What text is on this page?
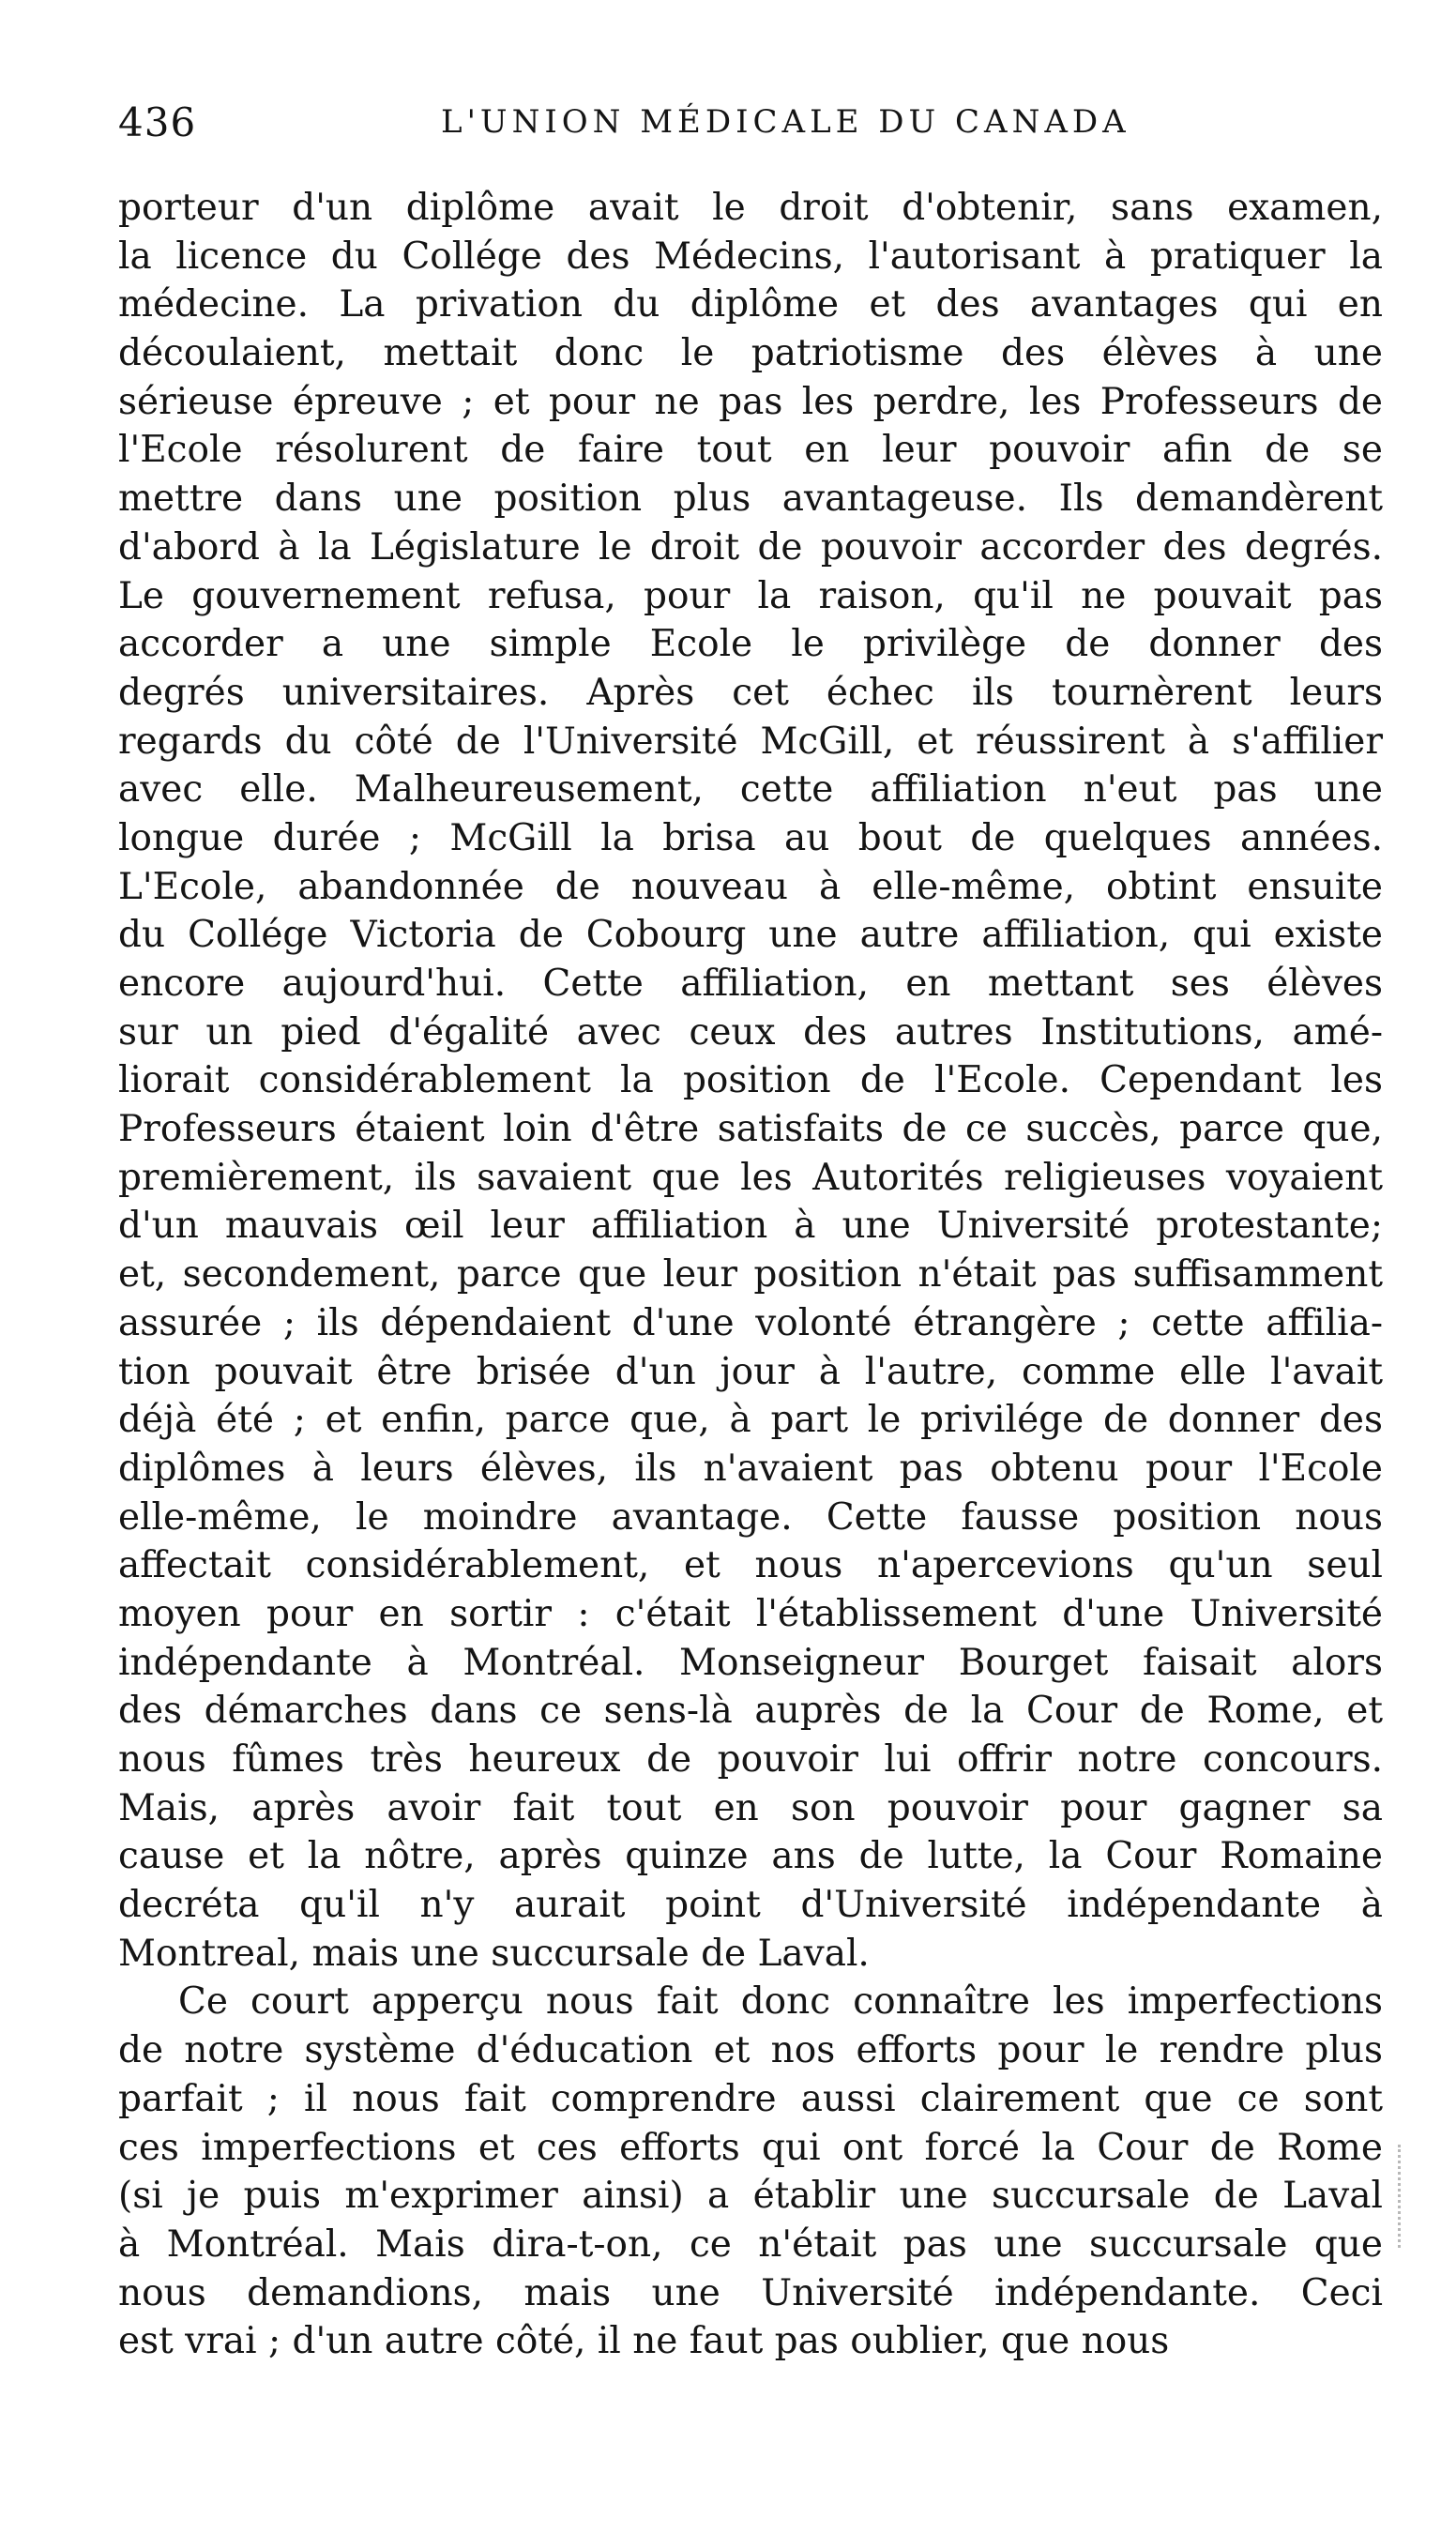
436	L'UNION MÉDICALE DU CANADA
porteur d'un diplôme avait le droit d'obtenir, sans examen,
la licence du Collége des Médecins, l'autorisant à pratiquer la
médecine. La privation du diplôme et des avantages qui en
découlaient, mettait donc le patriotisme des élèves à une
sérieuse épreuve ; et pour ne pas les perdre, les Professeurs de
l'Ecole résolurent de faire tout en leur pouvoir afin de se
mettre dans une position plus avantageuse. Ils demandèrent
d'abord à la Législature le droit de pouvoir accorder des degrés.
Le gouvernement refusa, pour la raison, qu'il ne pouvait pas
accorder a une simple Ecole le privilège de donner des
degrés universitaires. Après cet échec ils tournèrent leurs
regards du côté de l'Université McGill, et réussirent à s'affilier
avec elle. Malheureusement, cette affiliation n'eut pas une
longue durée ; McGill la brisa au bout de quelques années.
L'Ecole, abandonnée de nouveau à elle-même, obtint ensuite
du Collége Victoria de Cobourg une autre affiliation, qui existe
encore aujourd'hui. Cette affiliation, en mettant ses élèves
sur un pied d'égalité avec ceux des autres Institutions, amé-
liorait considérablement la position de l'Ecole. Cependant les
Professeurs étaient loin d'être satisfaits de ce succès, parce que,
premièrement, ils savaient que les Autorités religieuses voyaient
d'un mauvais œil leur affiliation à une Université protestante;
et, secondement, parce que leur position n'était pas suffisamment
assurée ; ils dépendaient d'une volonté étrangère ; cette affilia-
tion pouvait être brisée d'un jour à l'autre, comme elle l'avait
déjà été ; et enfin, parce que, à part le privilége de donner des
diplômes à leurs élèves, ils n'avaient pas obtenu pour l'Ecole
elle-même, le moindre avantage. Cette fausse position nous
affectait considérablement, et nous n'apercevions qu'un seul
moyen pour en sortir : c'était l'établissement d'une Université
indépendante à Montréal. Monseigneur Bourget faisait alors
des démarches dans ce sens-là auprès de la Cour de Rome, et
nous fûmes très heureux de pouvoir lui offrir notre concours.
Mais, après avoir fait tout en son pouvoir pour gagner sa
cause et la nôtre, après quinze ans de lutte, la Cour Romaine
decréta qu'il n'y aurait point d'Université indépendante à
Montreal, mais une succursale de Laval.
Ce court apperçu nous fait donc connaître les imperfections
de notre système d'éducation et nos efforts pour le rendre plus
parfait ; il nous fait comprendre aussi clairement que ce sont
ces imperfections et ces efforts qui ont forcé la Cour de Rome
(si je puis m'exprimer ainsi) a établir une succursale de Laval
à Montréal. Mais dira-t-on, ce n'était pas une succursale que
nous demandions, mais une Université indépendante. Ceci
est vrai ; d'un autre côté, il ne faut pas oublier, que nous
